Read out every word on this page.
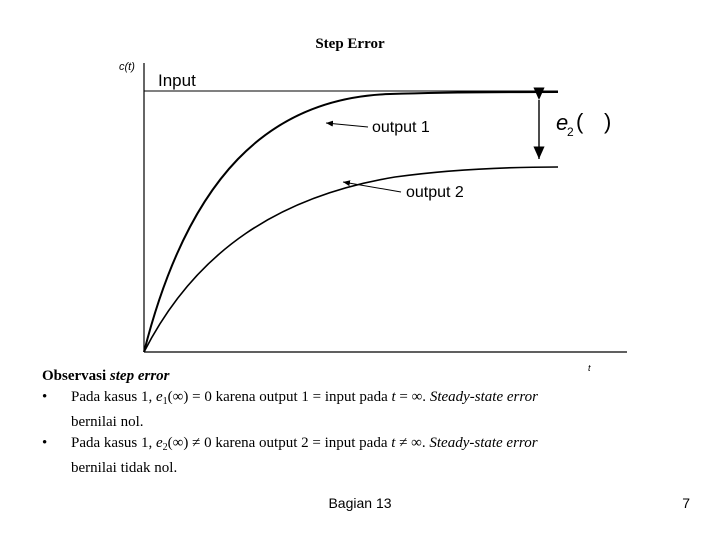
Step Error
c(t)
t
Input
output 1
output 2
e
2 ( )
Observasi step error
• Pada kasus 1, $e_1(\infty) = 0$ karena output 1 = input pada t = ∞. Steady-state error
bernilai nol.
• Pada kasus 1, $e_2(\infty) \ne 0$ karena output 2 = input pada t ≠ ∞. Steady-state error
bernilai tidak nol.
Bagian 13	7
